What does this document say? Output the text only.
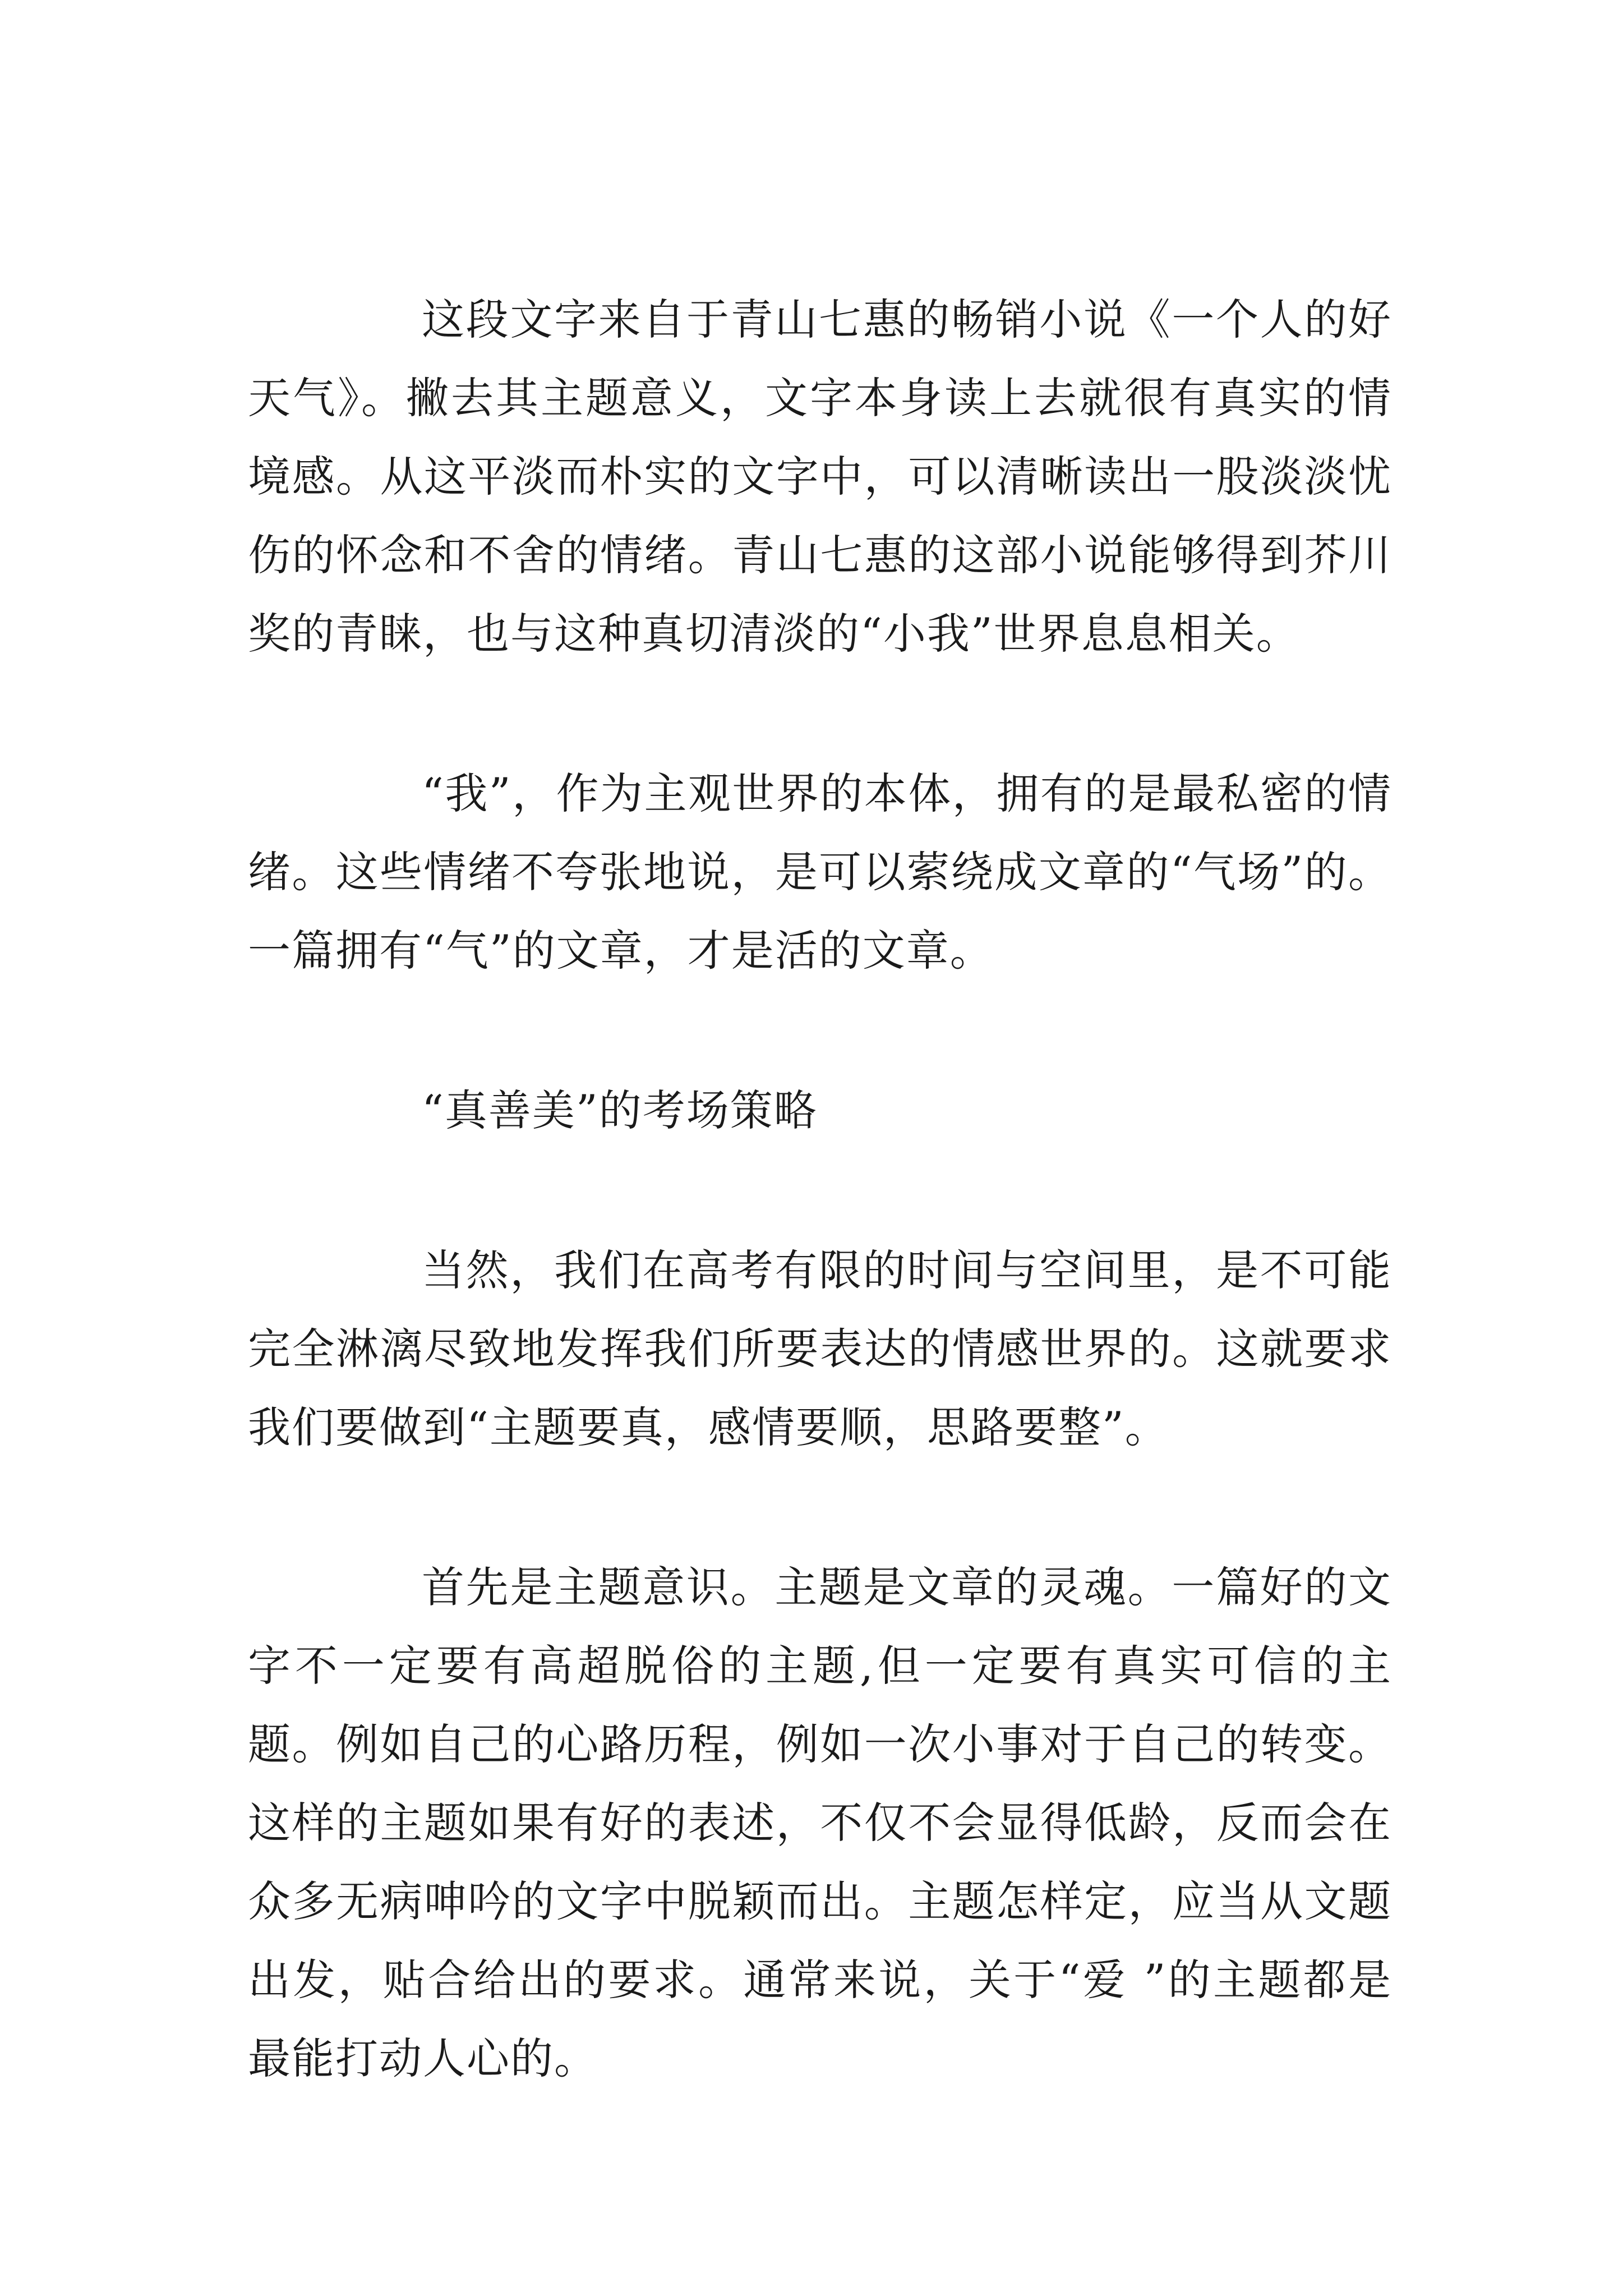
这段文字来自于青山七惠的畅销小说《一个人的好天气》。撇去其主题意义，文字本身读上去就很有真实的情境感。从这平淡而朴实的文字中，可以清晰读出一股淡淡忧伤的怀念和不舍的情绪。青山七惠的这部小说能够得到芥川奖的青睐，也与这种真切清淡的“小我”世界息息相关。

“我”，作为主观世界的本体，拥有的是最私密的情绪。这些情绪不夸张地说，是可以萦绕成文章的“气场”的。一篇拥有“气”的文章，才是活的文章。

“真善美”的考场策略

当然，我们在高考有限的时间与空间里，是不可能完全淋漓尽致地发挥我们所要表达的情感世界的。这就要求我们要做到“主题要真，感情要顺，思路要整”。

首先是主题意识。主题是文章的灵魂。一篇好的文字不一定要有高超脱俗的主题,但一定要有真实可信的主题。例如自己的心路历程，例如一次小事对于自己的转变。这样的主题如果有好的表述，不仅不会显得低龄，反而会在众多无病呻吟的文字中脱颖而出。主题怎样定，应当从文题出发，贴合给出的要求。通常来说，关于“爱 ”的主题都是最能打动人心的。
